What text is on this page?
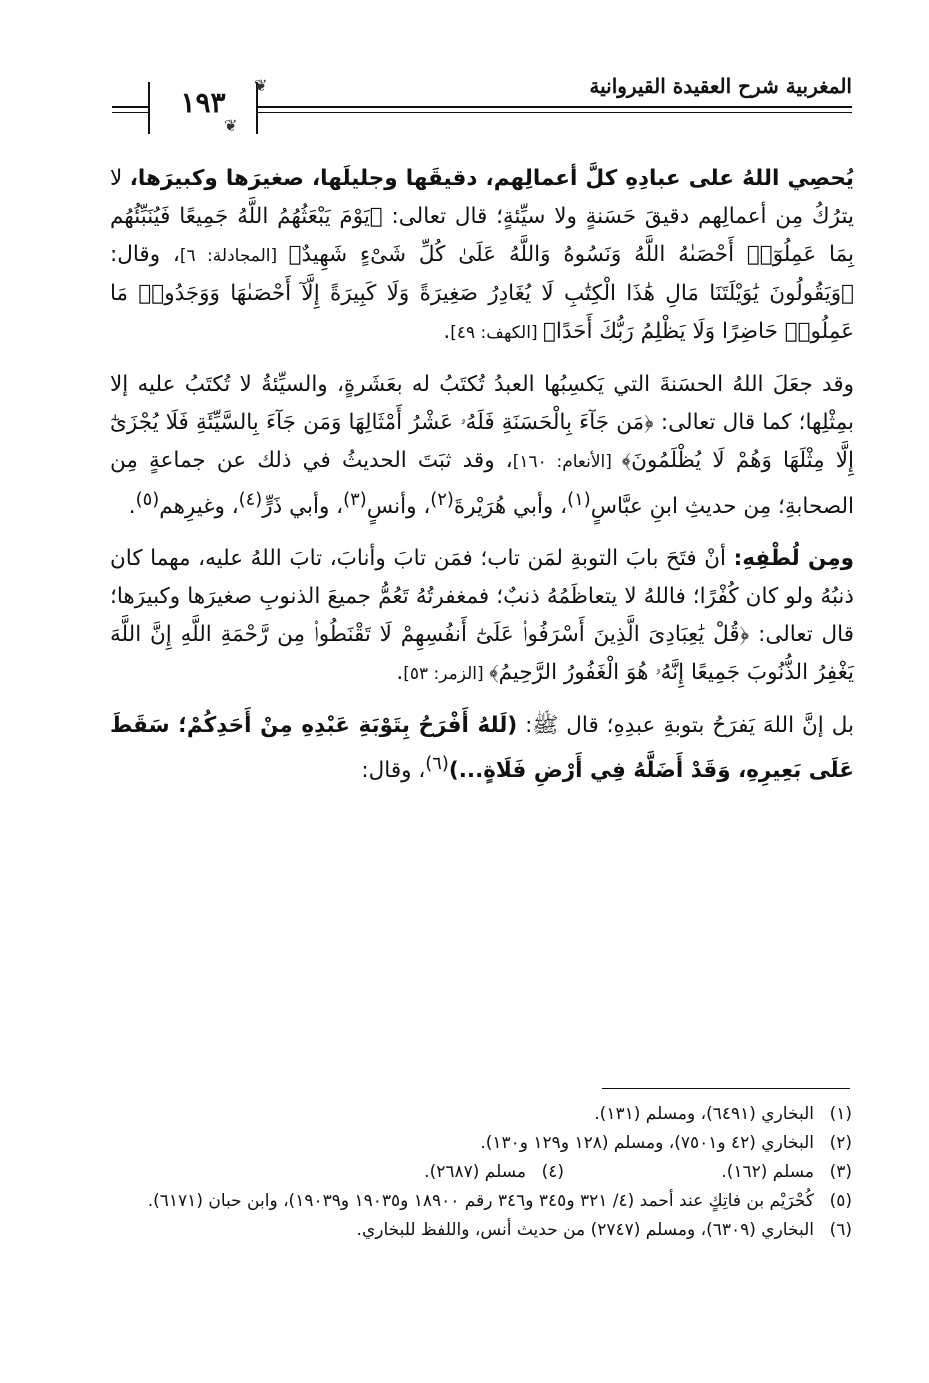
١٩٣
❦
❦
المغربية شرح العقيدة القيروانية

يُحصِي اللهُ على عبادِهِ كلَّ أعمالِهم، دقيقَها وجليلَها، صغيرَها وكبيرَها، لا يترُكُ مِن أعمالِهم دقيقَ حَسَنةٍ ولا سيِّئةٍ؛ قال تعالى: ﴿يَوْمَ يَبْعَثُهُمُ اللَّهُ جَمِيعًا فَيُنَبِّئُهُم بِمَا عَمِلُوٓا۟ أَحْصَىٰهُ اللَّهُ وَنَسُوهُ وَاللَّهُ عَلَىٰ كُلِّ شَىْءٍ شَهِيدٌ﴾ [المجادلة: ٦]، وقال: ﴿وَيَقُولُونَ يَٰوَيْلَتَنَا مَالِ هَٰذَا الْكِتَٰبِ لَا يُغَادِرُ صَغِيرَةً وَلَا كَبِيرَةً إِلَّآ أَحْصَىٰهَا وَوَجَدُوا۟ مَا عَمِلُوا۟ حَاضِرًا وَلَا يَظْلِمُ رَبُّكَ أَحَدًا﴾ [الكهف: ٤٩].

وقد جعَلَ اللهُ الحسَنةَ التي يَكسِبُها العبدُ تُكتَبُ له بعَشَرةٍ، والسيِّئةُ لا تُكتَبُ عليه إلا بمِثْلِها؛ كما قال تعالى: ﴿مَن جَآءَ بِالْحَسَنَةِ فَلَهُۥ عَشْرُ أَمْثَالِهَا وَمَن جَآءَ بِالسَّيِّئَةِ فَلَا يُجْزَىٰٓ إِلَّا مِثْلَهَا وَهُمْ لَا يُظْلَمُونَ﴾ [الأنعام: ١٦٠]، وقد ثبَتَ الحديثُ في ذلك عن جماعةٍ مِن الصحابةِ؛ مِن حديثِ ابنِ عبَّاسٍ$^{(١)}$، وأبي هُرَيْرةَ$^{(٢)}$، وأنسٍ$^{(٣)}$، وأبي ذَرٍّ$^{(٤)}$، وغيرِهم$^{(٥)}$.

ومِن لُطْفِهِ: أنْ فتَحَ بابَ التوبةِ لمَن تاب؛ فمَن تابَ وأنابَ، تابَ اللهُ عليه، مهما كان ذنبُهُ ولو كان كُفْرًا؛ فاللهُ لا يتعاظَمُهُ ذنبٌ؛ فمغفرتُهُ تَعُمُّ جميعَ الذنوبِ صغيرَها وكبيرَها؛ قال تعالى: ﴿قُلْ يَٰعِبَادِىَ الَّذِينَ أَسْرَفُوا۟ عَلَىٰٓ أَنفُسِهِمْ لَا تَقْنَطُوا۟ مِن رَّحْمَةِ اللَّهِ إِنَّ اللَّهَ يَغْفِرُ الذُّنُوبَ جَمِيعًا إِنَّهُۥ هُوَ الْغَفُورُ الرَّحِيمُ﴾ [الزمر: ٥٣].

بل إنَّ اللهَ يَفرَحُ بتوبةِ عبدِهِ؛ قال ﷺ: (لَلهُ أَفْرَحُ بِتَوْبَةِ عَبْدِهِ مِنْ أَحَدِكُمْ؛ سَقَطَ عَلَى بَعِيرِهِ، وَقَدْ أَضَلَّهُ فِي أَرْضِ فَلَاةٍ...)$^{(٦)}$، وقال:

(١)
البخاري (٦٤٩١)، ومسلم (١٣١).
(٢)
البخاري (٤٢ و٧٥٠١)، ومسلم (١٢٨ و١٢٩ و١٣٠).
(٣)
مسلم (١٦٢).
(٤)
مسلم (٢٦٨٧).
(٥)
كُحْرَيْم بن فاتِكٍ عند أحمد (٤/ ٣٢١ و٣٤٥ و٣٤٦ رقم ١٨٩٠٠ و١٩٠٣٥ و١٩٠٣٩)، وابن حبان (٦١٧١).
(٦)
البخاري (٦٣٠٩)، ومسلم (٢٧٤٧) من حديث أنس، واللفظ للبخاري.
